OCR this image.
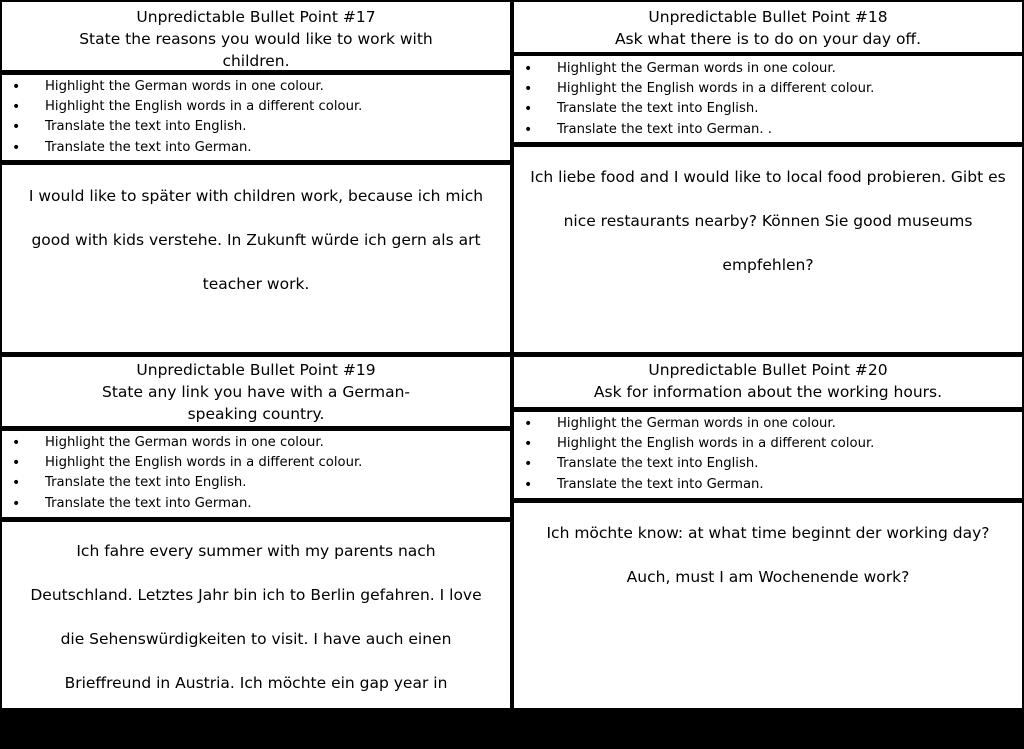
Unpredictable Bullet Point #17
State the reasons you would like to work with children.
• Highlight the German words in one colour.
• Highlight the English words in a different colour.
• Translate the text into English.
• Translate the text into German.
I would like to später with children work, because ich mich good with kids verstehe. In Zukunft würde ich gern als art teacher work.
Unpredictable Bullet Point #18
Ask what there is to do on your day off.
• Highlight the German words in one colour.
• Highlight the English words in a different colour.
• Translate the text into English.
• Translate the text into German. .
Ich liebe food and I would like to local food probieren. Gibt es nice restaurants nearby? Können Sie good museums empfehlen?
Unpredictable Bullet Point #19
State any link you have with a German-speaking country.
• Highlight the German words in one colour.
• Highlight the English words in a different colour.
• Translate the text into English.
• Translate the text into German.
Ich fahre every summer with my parents nach Deutschland. Letztes Jahr bin ich to Berlin gefahren. I love die Sehenswürdigkeiten to visit. I have auch einen Brieffreund in Austria. Ich möchte ein gap year in Switzerland take.
Unpredictable Bullet Point #20
Ask for information about the working hours.
• Highlight the German words in one colour.
• Highlight the English words in a different colour.
• Translate the text into English.
• Translate the text into German.
Ich möchte know: at what time beginnt der working day? Auch, must I am Wochenende work?
